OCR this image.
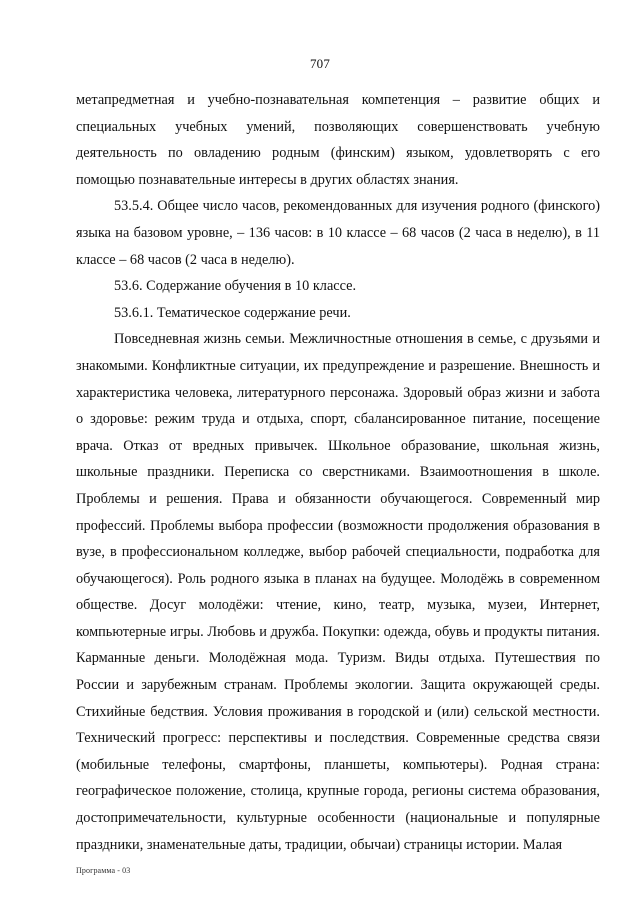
707

метапредметная и учебно-познавательная компетенция – развитие общих и специальных учебных умений, позволяющих совершенствовать учебную деятельность по овладению родным (финским) языком, удовлетворять с его помощью познавательные интересы в других областях знания.

53.5.4. Общее число часов, рекомендованных для изучения родного (финского) языка на базовом уровне, – 136 часов: в 10 классе – 68 часов (2 часа в неделю), в 11 классе – 68 часов (2 часа в неделю).

53.6. Содержание обучения в 10 классе.

53.6.1. Тематическое содержание речи.

Повседневная жизнь семьи. Межличностные отношения в семье, с друзьями и знакомыми. Конфликтные ситуации, их предупреждение и разрешение. Внешность и характеристика человека, литературного персонажа. Здоровый образ жизни и забота о здоровье: режим труда и отдыха, спорт, сбалансированное питание, посещение врача. Отказ от вредных привычек. Школьное образование, школьная жизнь, школьные праздники. Переписка со сверстниками. Взаимоотношения в школе. Проблемы и решения. Права и обязанности обучающегося. Современный мир профессий. Проблемы выбора профессии (возможности продолжения образования в вузе, в профессиональном колледже, выбор рабочей специальности, подработка для обучающегося). Роль родного языка в планах на будущее. Молодёжь в современном обществе. Досуг молодёжи: чтение, кино, театр, музыка, музеи, Интернет, компьютерные игры. Любовь и дружба. Покупки: одежда, обувь и продукты питания. Карманные деньги. Молодёжная мода. Туризм. Виды отдыха. Путешествия по России и зарубежным странам. Проблемы экологии. Защита окружающей среды. Стихийные бедствия. Условия проживания в городской и (или) сельской местности. Технический прогресс: перспективы и последствия. Современные средства связи (мобильные телефоны, смартфоны, планшеты, компьютеры). Родная страна: географическое положение, столица, крупные города, регионы система образования, достопримечательности, культурные особенности (национальные и популярные праздники, знаменательные даты, традиции, обычаи) страницы истории. Малая

Программа - 03
